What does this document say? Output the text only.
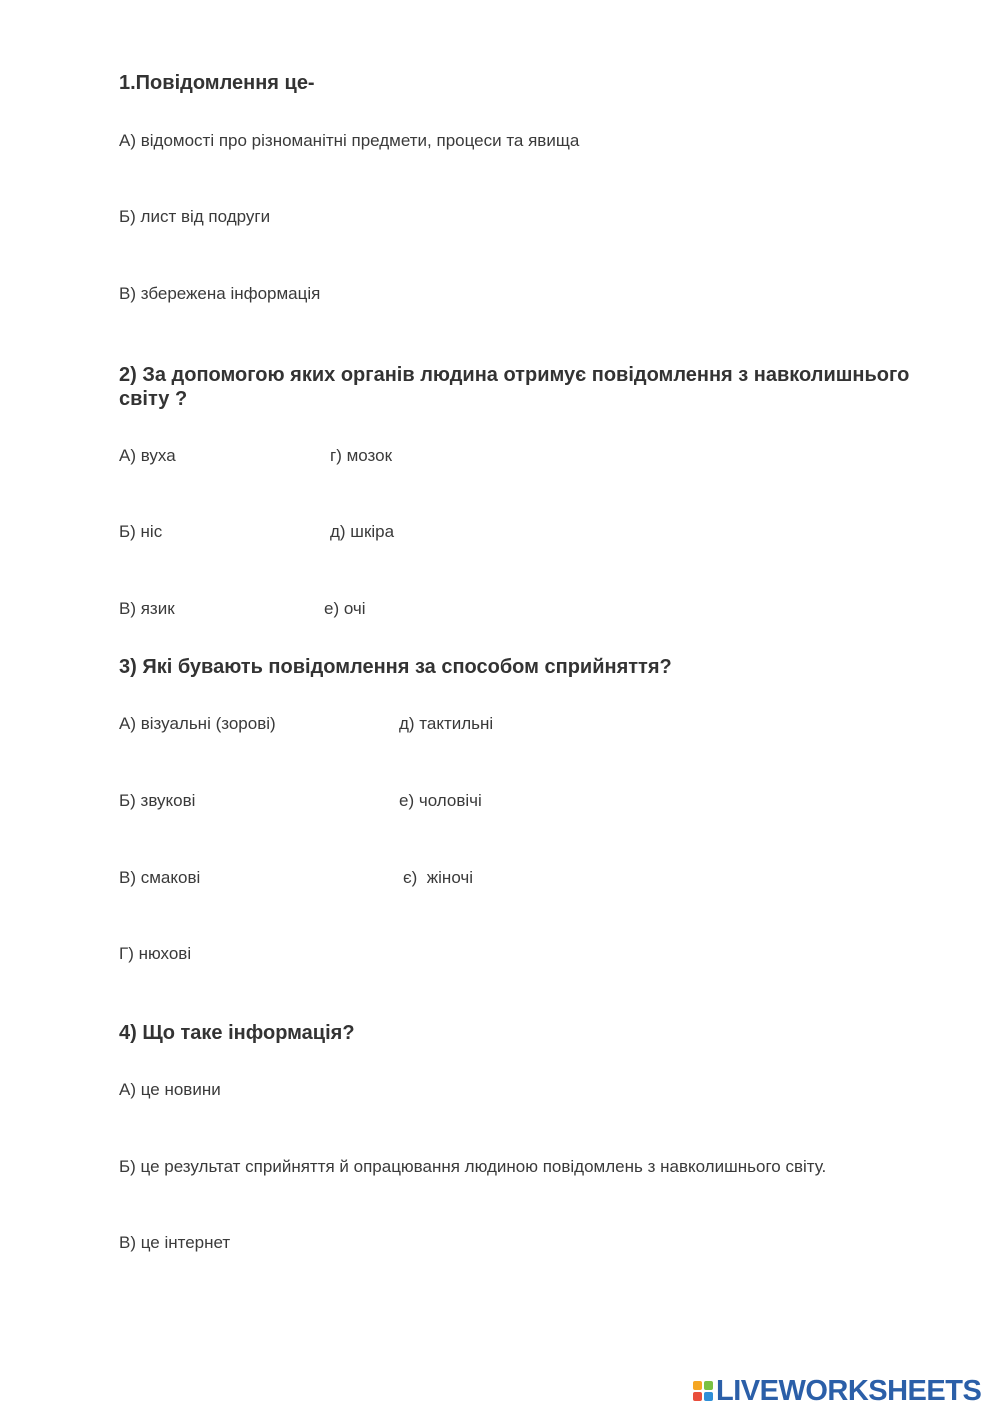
1.Повідомлення це-
А) відомості про різноманітні предмети, процеси та явища
Б) лист від подруги
В) збережена інформація
2) За допомогою яких органів людина отримує повідомлення з навколишнього
світу ?
А) вуха	г) мозок
Б) ніс	д) шкіра
В) язик	е) очі
3) Які бувають повідомлення за способом сприйняття?
А) візуальні (зорові)	д) тактильні
Б) звукові	е) чоловічі
В) смакові	є)  жіночі
Г) нюхові
4) Що таке інформація?
А) це новини
Б) це результат сприйняття й опрацювання людиною повідомлень з навколишнього світу.
В) це інтернет
LIVEWORKSHEETS
